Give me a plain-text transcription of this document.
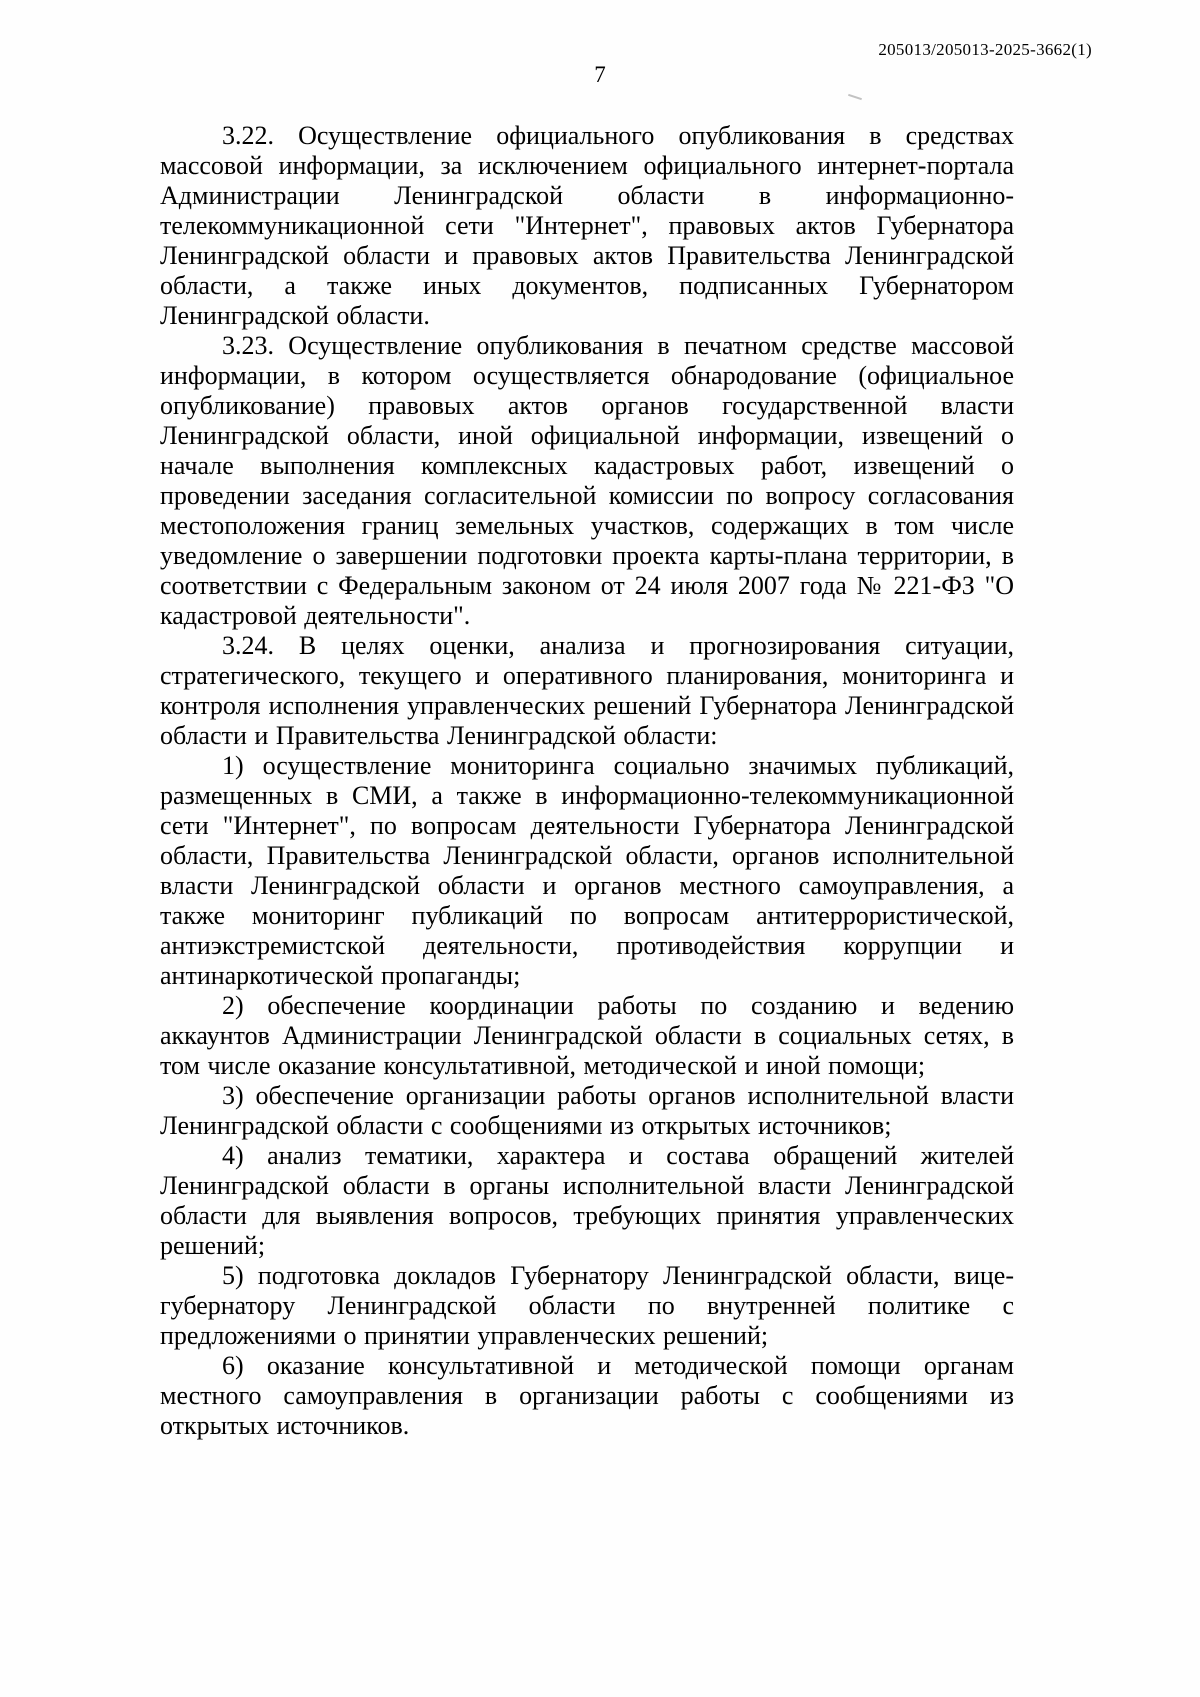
205013/205013-2025-3662(1)
7

3.22. Осуществление официального опубликования в средствах массовой информации, за исключением официального интернет-портала Администрации Ленинградской области в информационно-телекоммуникационной сети "Интернет", правовых актов Губернатора Ленинградской области и правовых актов Правительства Ленинградской области, а также иных документов, подписанных Губернатором Ленинградской области.

3.23. Осуществление опубликования в печатном средстве массовой информации, в котором осуществляется обнародование (официальное опубликование) правовых актов органов государственной власти Ленинградской области, иной официальной информации, извещений о начале выполнения комплексных кадастровых работ, извещений о проведении заседания согласительной комиссии по вопросу согласования местоположения границ земельных участков, содержащих в том числе уведомление о завершении подготовки проекта карты-плана территории, в соответствии с Федеральным законом от 24 июля 2007 года № 221-ФЗ "О кадастровой деятельности".

3.24. В целях оценки, анализа и прогнозирования ситуации, стратегического, текущего и оперативного планирования, мониторинга и контроля исполнения управленческих решений Губернатора Ленинградской области и Правительства Ленинградской области:

1) осуществление мониторинга социально значимых публикаций, размещенных в СМИ, а также в информационно-телекоммуникационной сети "Интернет", по вопросам деятельности Губернатора Ленинградской области, Правительства Ленинградской области, органов исполнительной власти Ленинградской области и органов местного самоуправления, а также мониторинг публикаций по вопросам антитеррористической, антиэкстремистской деятельности, противодействия коррупции и антинаркотической пропаганды;

2) обеспечение координации работы по созданию и ведению аккаунтов Администрации Ленинградской области в социальных сетях, в том числе оказание консультативной, методической и иной помощи;

3) обеспечение организации работы органов исполнительной власти Ленинградской области с сообщениями из открытых источников;

4) анализ тематики, характера и состава обращений жителей Ленинградской области в органы исполнительной власти Ленинградской области для выявления вопросов, требующих принятия управленческих решений;

5) подготовка докладов Губернатору Ленинградской области, вице-губернатору Ленинградской области по внутренней политике с предложениями о принятии управленческих решений;

6) оказание консультативной и методической помощи органам местного самоуправления в организации работы с сообщениями из открытых источников.
